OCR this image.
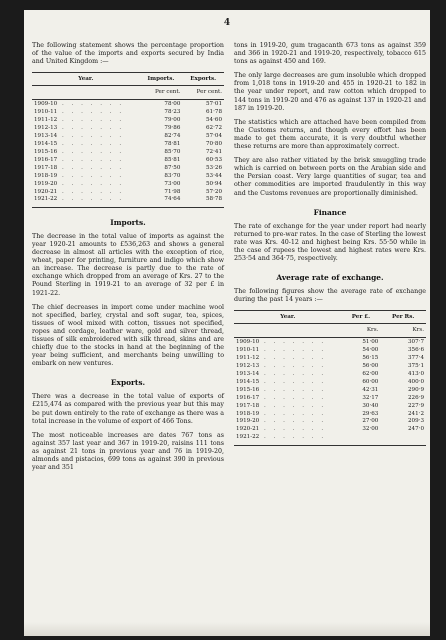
4

The following statement shows the percentage proportion of the value of the imports and exports secured by India and United Kingdom :—

Year.	Imports.	Exports.
	Per cent.	Per cent.
1909-10 . . . . . . .	78·00	57·01
1910-11 . . . . . . .	78·23	61·78
1911-12 . . . . . . .	79·00	54·60
1912-13 . . . . . . .	79·86	62·72
1913-14 . . . . . . .	82·74	57·04
1914-15 . . . . . . .	78·81	70·80
1915-16 . . . . . . .	85·70	72·41
1916-17 . . . . . . .	85·81	60·53
1917-18 . . . . . . .	87·50	53·26
1918-19 . . . . . . .	83·70	53·44
1919-20 . . . . . . .	73·00	50·94
1920-21 . . . . . . .	71·98	57·20
1921-22 . . . . . . .	74·64	58·78

Imports.

The decrease in the total value of imports as against the year 1920-21 amounts to £536,263 and shows a general decrease in almost all articles with the exception of rice, wheat, paper for printing, furniture and indigo which show an increase. The decrease is partly due to the rate of exchange which dropped from an average of Krs. 27 to the Pound Sterling in 1919-21 to an average of 32 per £ in 1921-22.

The chief decreases in import come under machine wool not specified, barley, crystal and soft sugar, tea, spices, tissues of wool mixed with cotton, tissues not specified, ropes and cordage, leather ware, gold and silver thread, tissues of silk embroidered with silk thread, skins and are chiefly due to the stocks in hand at the beginning of the year being sufficient, and merchants being unwilling to embark on new ventures.

Exports.

There was a decrease in the total value of exports of £215,474 as compared with the previous year but this may be put down entirely to the rate of exchange as there was a total increase in the volume of export of 466 Tons.

The most noticeable increases are dates 767 tons as against 357 last year and 367 in 1919-20, raisins 111 tons as against 21 tons in previous year and 76 in 1919-20, almonds and pistacios, 699 tons as against 390 in previous year and 351

tons in 1919-20, gum tragacanth 673 tons as against 359 and 366 in 1920-21 and 1919-20, respectively, tobacco 615 tons as against 450 and 169.

The only large decreases are gum insoluble which dropped from 1,018 tons in 1919-20 and 455 in 1920-21 to 182 in the year under report, and raw cotton which dropped to 144 tons in 1919-20 and 476 as against 137 in 1920-21 and 187 in 1919-20.

The statistics which are attached have been compiled from the Customs returns, and though every effort has been made to get them accurate, it is very doubtful whether these returns are more than approximately correct.

They are also rather vitiated by the brisk smuggling trade which is carried on between ports on the Arabian side and the Persian coast. Very large quantities of sugar, tea and other commodities are imported fraudulently in this way and the Customs revenues are proportionally diminished.

Finance

The rate of exchange for the year under report had nearly returned to pre-war rates. In the case of Sterling the lowest rate was Krs. 40-12 and highest being Krs. 55·50 while in the case of rupees the lowest and highest rates were Krs. 253·54 and 364·75, respectively.

Average rate of exchange.

The following figures show the average rate of exchange during the past 14 years :—

Year.	Per £.	Per Rs.
	Krs.	Krs.
1909-10 . . . . . . .	51·00	307·7
1910-11 . . . . . . .	54·00	356·6
1911-12 . . . . . . .	56·15	377·4
1912-13 . . . . . . .	56·00	375·1
1913-14 . . . . . . .	62·00	413·0
1914-15 . . . . . . .	60·00	400·0
1915-16 . . . . . . .	42·31	290·9
1916-17 . . . . . . .	32·17	226·9
1917-18 . . . . . . .	30·40	227·9
1918-19 . . . . . . .	29·63	241·2
1919-20 . . . . . . .	27·00	209·3
1920-21 . . . . . . .	32·00	247·0
1921-22 . . . . . . .		
